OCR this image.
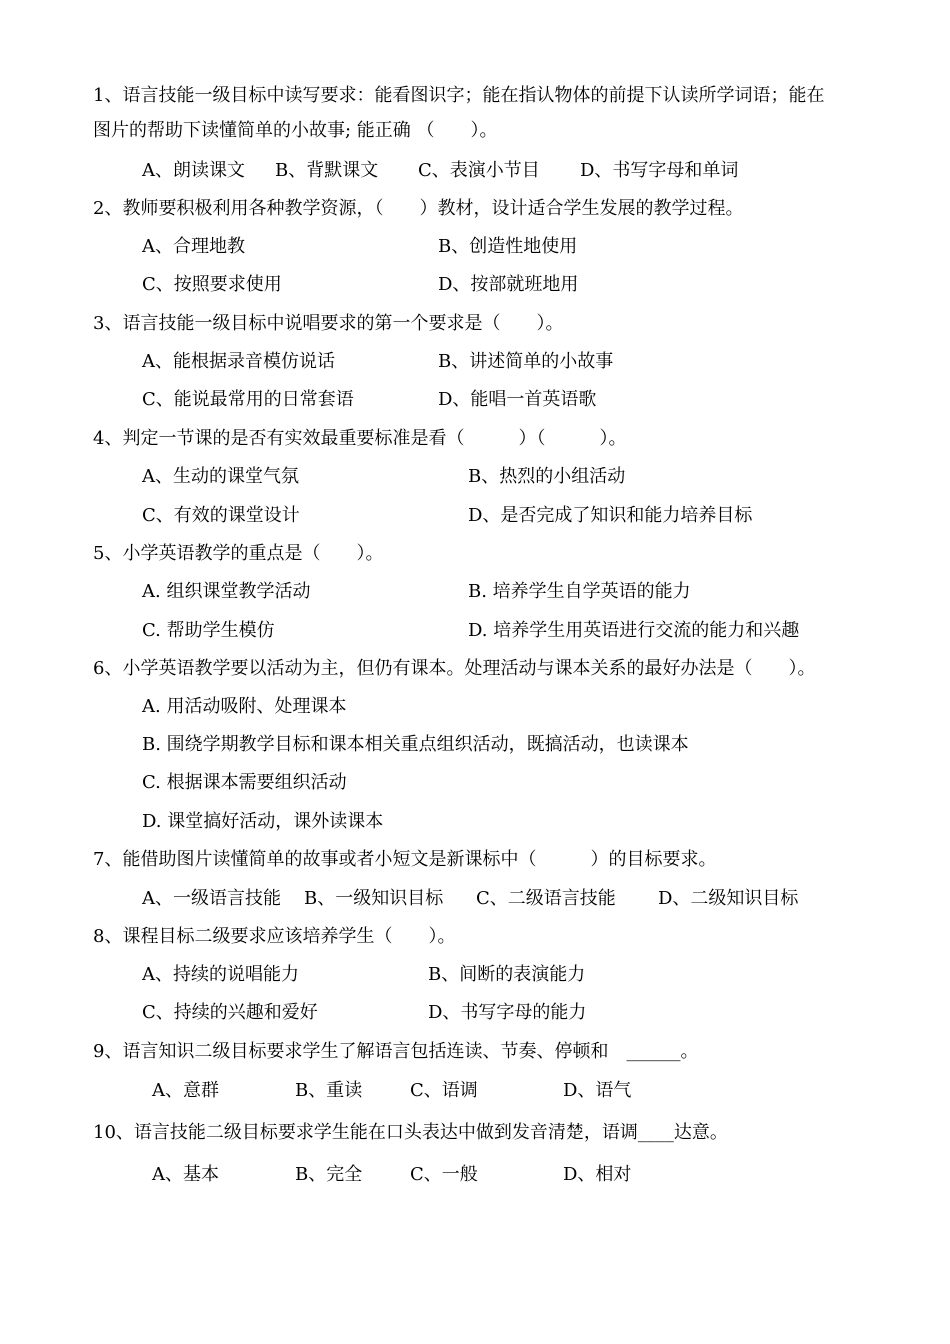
1、语言技能一级目标中读写要求：能看图识字；能在指认物体的前提下认读所学词语；能在
图片的帮助下读懂简单的小故事; 能正确 （　　）。
A、朗读课文 B、背默课文 C、表演小节目 D、书写字母和单词
2、教师要积极利用各种教学资源，（　　）教材，设计适合学生发展的教学过程。
A、合理地教	B、创造性地使用
C、按照要求使用	D、按部就班地用
3、语言技能一级目标中说唱要求的第一个要求是（　　）。
A、能根据录音模仿说话	B、讲述简单的小故事
C、能说最常用的日常套语	D、能唱一首英语歌
4、判定一节课的是否有实效最重要标准是看（　　　）（　　　）。
A、生动的课堂气氛	B、热烈的小组活动
C、有效的课堂设计	D、是否完成了知识和能力培养目标
5、小学英语教学的重点是（　　）。
A. 组织课堂教学活动	B. 培养学生自学英语的能力
C. 帮助学生模仿	D. 培养学生用英语进行交流的能力和兴趣
6、小学英语教学要以活动为主，但仍有课本。处理活动与课本关系的最好办法是（　　）。
A. 用活动吸附、处理课本
B. 围绕学期教学目标和课本相关重点组织活动，既搞活动，也读课本
C. 根据课本需要组织活动
D. 课堂搞好活动，课外读课本
7、能借助图片读懂简单的故事或者小短文是新课标中（　　　）的目标要求。
A、一级语言技能 B、一级知识目标 C、二级语言技能 D、二级知识目标
8、课程目标二级要求应该培养学生（　　）。
A、持续的说唱能力	B、间断的表演能力
C、持续的兴趣和爱好	D、书写字母的能力
9、语言知识二级目标要求学生了解语言包括连读、节奏、停顿和　______。
A、意群	B、重读	C、语调	D、语气
10、语言技能二级目标要求学生能在口头表达中做到发音清楚，语调____达意。
A、基本	B、完全	C、一般	D、相对
